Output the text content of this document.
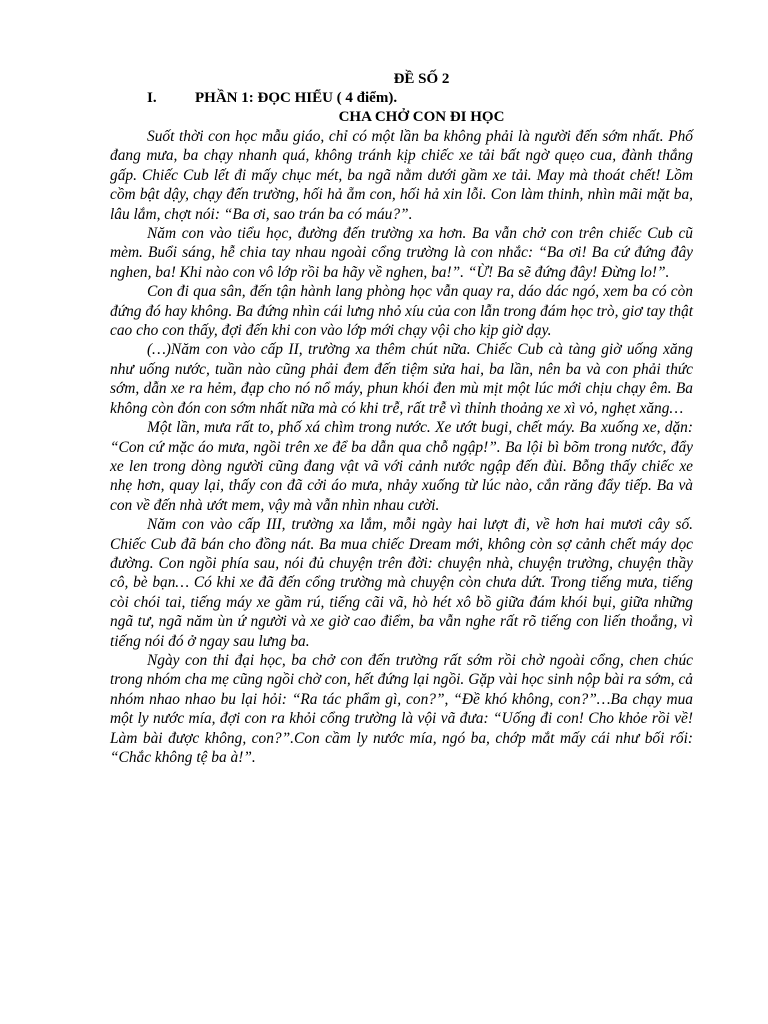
ĐỀ SỐ 2

I.	PHẦN 1: ĐỌC HIỂU ( 4 điểm).

CHA CHỞ CON ĐI HỌC

Suốt thời con học mẫu giáo, chỉ có một lần ba không phải là người đến sớm nhất. Phố đang mưa, ba chạy nhanh quá, không tránh kịp chiếc xe tải bất ngờ quẹo cua, đành thắng gấp. Chiếc Cub lết đi mấy chục mét, ba ngã nằm dưới gầm xe tải. May mà thoát chết! Lồm cồm bật dậy, chạy đến trường, hối hả ẵm con, hối hả xin lỗi. Con làm thinh, nhìn mãi mặt ba, lâu lắm, chợt nói: “Ba ơi, sao trán ba có máu?”.

Năm con vào tiểu học, đường đến trường xa hơn. Ba vẫn chở con trên chiếc Cub cũ mèm. Buổi sáng, hễ chia tay nhau ngoài cổng trường là con nhắc: “Ba ơi! Ba cứ đứng đây nghen, ba! Khi nào con vô lớp rồi ba hãy về nghen, ba!”. “Ừ! Ba sẽ đứng đây! Đừng lo!”.

Con đi qua sân, đến tận hành lang phòng học vẫn quay ra, dáo dác ngó, xem ba có còn đứng đó hay không. Ba đứng nhìn cái lưng nhỏ xíu của con lẫn trong đám học trò, giơ tay thật cao cho con thấy, đợi đến khi con vào lớp mới chạy vội cho kịp giờ dạy.

(…)Năm con vào cấp II, trường xa thêm chút nữa. Chiếc Cub cà tàng giờ uống xăng như uống nước, tuần nào cũng phải đem đến tiệm sửa hai, ba lần, nên ba và con phải thức sớm, dẫn xe ra hẻm, đạp cho nó nổ máy, phun khói đen mù mịt một lúc mới chịu chạy êm. Ba không còn đón con sớm nhất nữa mà có khi trễ, rất trễ vì thỉnh thoảng xe xì vỏ, nghẹt xăng…

Một lần, mưa rất to, phố xá chìm trong nước. Xe ướt bugi, chết máy. Ba xuống xe, dặn: “Con cứ mặc áo mưa, ngồi trên xe để ba dẫn qua chỗ ngập!”. Ba lội bì bõm trong nước, đẩy xe len trong dòng người cũng đang vật vã với cảnh nước ngập đến đùi. Bỗng thấy chiếc xe nhẹ hơn, quay lại, thấy con đã cởi áo mưa, nhảy xuống từ lúc nào, cắn răng đẩy tiếp. Ba và con về đến nhà ướt mem, vậy mà vẫn nhìn nhau cười.

Năm con vào cấp III, trường xa lắm, mỗi ngày hai lượt đi, về hơn hai mươi cây số. Chiếc Cub đã bán cho đồng nát. Ba mua chiếc Dream mới, không còn sợ cảnh chết máy dọc đường. Con ngồi phía sau, nói đủ chuyện trên đời: chuyện nhà, chuyện trường, chuyện thầy cô, bè bạn… Có khi xe đã đến cổng trường mà chuyện còn chưa dứt. Trong tiếng mưa, tiếng còi chói tai, tiếng máy xe gầm rú, tiếng cãi vã, hò hét xô bồ giữa đám khói bụi, giữa những ngã tư, ngã năm ùn ứ người và xe giờ cao điểm, ba vẫn nghe rất rõ tiếng con liến thoắng, vì tiếng nói đó ở ngay sau lưng ba.

Ngày con thi đại học, ba chở con đến trường rất sớm rồi chờ ngoài cổng, chen chúc trong nhóm cha mẹ cũng ngồi chờ con, hết đứng lại ngồi. Gặp vài học sinh nộp bài ra sớm, cả nhóm nhao nhao bu lại hỏi: “Ra tác phẩm gì, con?”, “Đề khó không, con?”…Ba chạy mua một ly nước mía, đợi con ra khỏi cổng trường là vội vã đưa: “Uống đi con! Cho khỏe rồi về! Làm bài được không, con?”.Con cầm ly nước mía, ngó ba, chớp mắt mấy cái như bối rối: “Chắc không tệ ba à!”.
